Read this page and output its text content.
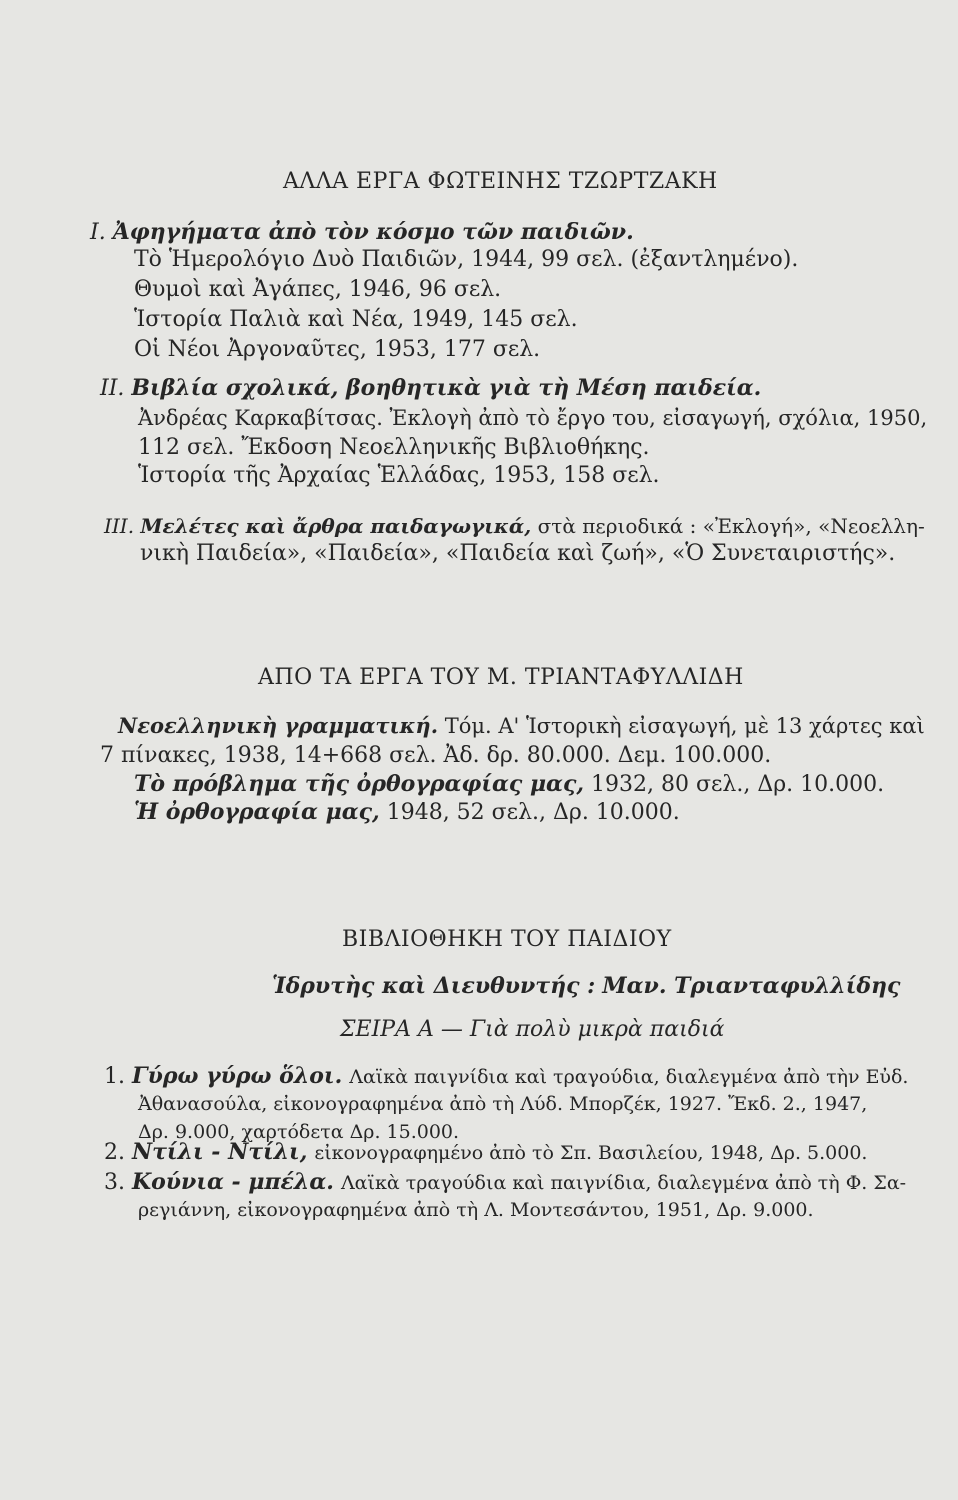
ΑΛΛΑ ΕΡΓΑ ΦΩΤΕΙΝΗΣ ΤΖΩΡΤΖΑΚΗ
Ι. Ἀφηγήματα ἀπὸ τὸν κόσμο τῶν παιδιῶν.
Τὸ Ἡμερολόγιο Δυὸ Παιδιῶν, 1944, 99 σελ. (ἐξαντλημένο).
Θυμοὶ καὶ Ἀγάπες, 1946, 96 σελ.
Ἱστορία Παλιὰ καὶ Νέα, 1949, 145 σελ.
Οἱ Νέοι Ἀργοναῦτες, 1953, 177 σελ.
ΙΙ. Βιβλία σχολικά, βοηθητικὰ γιὰ τὴ Μέση παιδεία.
Ἀνδρέας Καρκαβίτσας. Ἐκλογὴ ἀπὸ τὸ ἔργο του, εἰσαγωγή, σχόλια, 1950,
112 σελ. Ἔκδοση Νεοελληνικῆς Βιβλιοθήκης.
Ἱστορία τῆς Ἀρχαίας Ἑλλάδας, 1953, 158 σελ.
ΙΙΙ. Μελέτες καὶ ἄρθρα παιδαγωγικά, στὰ περιοδικά : «Ἐκλογή», «Νεοελλη-
νικὴ Παιδεία», «Παιδεία», «Παιδεία καὶ ζωή», «Ὁ Συνεταιριστής».
ΑΠΟ ΤΑ ΕΡΓΑ ΤΟΥ Μ. ΤΡΙΑΝΤΑΦΥΛΛΙΔΗ
Νεοελληνικὴ γραμματική. Τόμ. Α' Ἱστορικὴ εἰσαγωγή, μὲ 13 χάρτες καὶ
7 πίνακες, 1938, 14+668 σελ. Ἀδ. δρ. 80.000. Δεμ. 100.000.
Τὸ πρόβλημα τῆς ὀρθογραφίας μας, 1932, 80 σελ., Δρ. 10.000.
Ἡ ὀρθογραφία μας, 1948, 52 σελ., Δρ. 10.000.
ΒΙΒΛΙΟΘΗΚΗ ΤΟΥ ΠΑΙΔΙΟΥ
Ἱδρυτὴς καὶ Διευθυντής : Μαν. Τριανταφυλλίδης
ΣΕΙΡΑ Α — Γιὰ πολὺ μικρὰ παιδιά
1. Γύρω γύρω ὅλοι. Λαϊκὰ παιγνίδια καὶ τραγούδια, διαλεγμένα ἀπὸ τὴν Εὐδ.
Ἀθανασούλα, εἰκονογραφημένα ἀπὸ τὴ Λύδ. Μπορζέκ, 1927. Ἔκδ. 2., 1947,
Δρ. 9.000, χαρτόδετα Δρ. 15.000.
2. Ντίλι - Ντίλι, εἰκονογραφημένο ἀπὸ τὸ Σπ. Βασιλείου, 1948, Δρ. 5.000.
3. Κούνια - μπέλα. Λαϊκὰ τραγούδια καὶ παιγνίδια, διαλεγμένα ἀπὸ τὴ Φ. Σα-
ρεγιάννη, εἰκονογραφημένα ἀπὸ τὴ Λ. Μοντεσάντου, 1951, Δρ. 9.000.
